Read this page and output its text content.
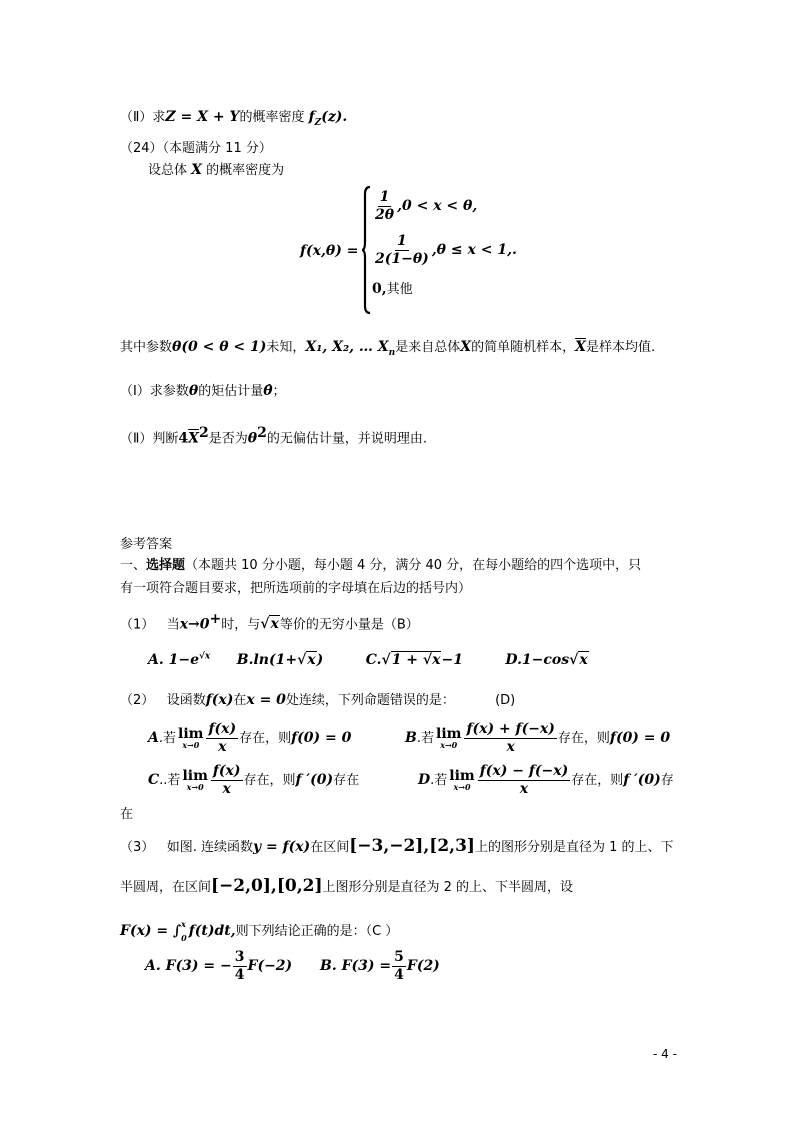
（Ⅱ）求Z = X + Y的概率密度 $f_Z(z)$.
（24）（本题满分 11 分）
设总体 X 的概率密度为
f(x,θ) =
$\frac{1}{2\theta} ,0 < x < \theta$,
$\frac{1}{2(1-\theta)} ,\theta \le x < 1$, .
0,其他
其中参数θ(0 < θ < 1)未知，X₁, X₂, … $X_n$是来自总体X的简单随机样本，$\overline{X}$是样本均值.
（Ⅰ）求参数θ的矩估计量θ̂；
（Ⅱ）判断$4\overline{X}^2$是否为$\theta^2$的无偏估计量，并说明理由.
参考答案
一、选择题（本题共 10 分小题，每小题 4 分，满分 40 分，在每小题给的四个选项中，只
有一项符合题目要求，把所选项前的字母填在后边的括号内）
（1） 当x→0+时，与√x等价的无穷小量是（B）
A. $1-e^{√x}$ B.ln(1+√x)	C.√1 + √x−1	D.1−cos√x
（2） 设函数f(x)在x = 0处连续，下列命题错误的是：	(D)
A . 若 lim
$x\to 0 \frac{f(x)}{x}$ 存在，则 f(0) = 0	B . 若 lim
$x\to 0 \frac{f(x) + f(-x)}{x}$ 存在，则 f(0) = 0
C .. 若 lim
$x\to 0 \frac{f(x)}{x}$ 存在，则 f ′(0) 存在	D . 若 lim
$x\to 0 \frac{f(x) - f(-x)}{x}$ 存在，则 f ′(0) 存
在
（3） 如图. 连续函数y = f(x)在区间[−3,−2],[2,3]上的图形分别是直径为 1 的上、下
半圆周，在区间[−2,0],[0,2]上图形分别是直径为 2 的上、下半圆周，设
F(x) = ∫ x
0 f(t)dt, 则下列结论正确的是：（C ）
A . F(3) = − $\frac{3}{4} F(-2)$ B . $F(3) = \frac{5}{4} F(2)$
- 4 -
